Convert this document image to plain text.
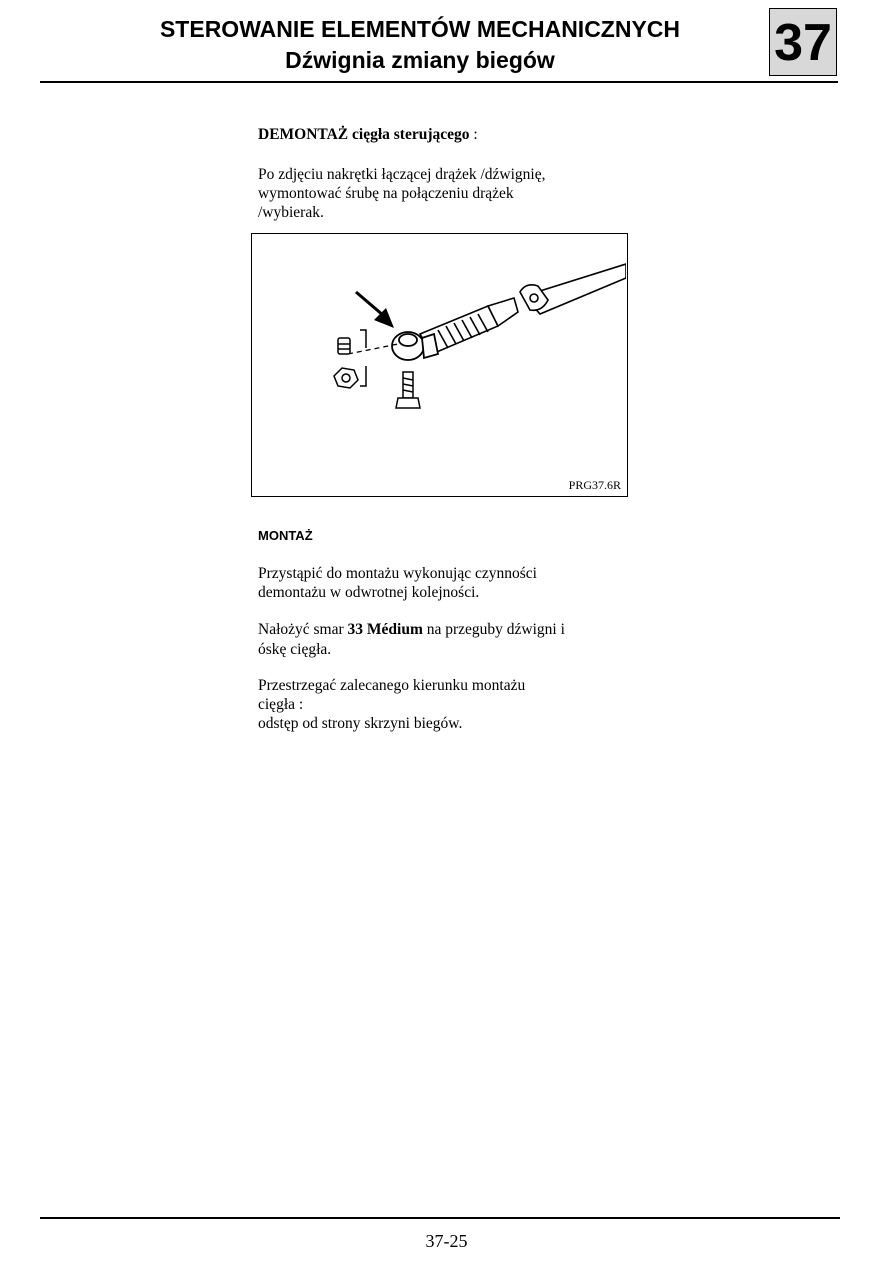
STEROWANIE ELEMENTÓW MECHANICZNYCH
Dźwignia zmiany biegów	37
DEMONTAŻ cięgła sterującego :
Po zdjęciu nakrętki łączącej drążek /dźwignię,
wymontować śrubę na połączeniu drążek
/wybierak.
PRG37.6R
MONTAŻ
Przystąpić do montażu wykonując czynności
demontażu w odwrotnej kolejności.
Nałożyć smar 33 Médium na przeguby dźwigni i
óskę cięgła.
Przestrzegać zalecanego kierunku montażu
cięgła :
odstęp od strony skrzyni biegów.
37-25
